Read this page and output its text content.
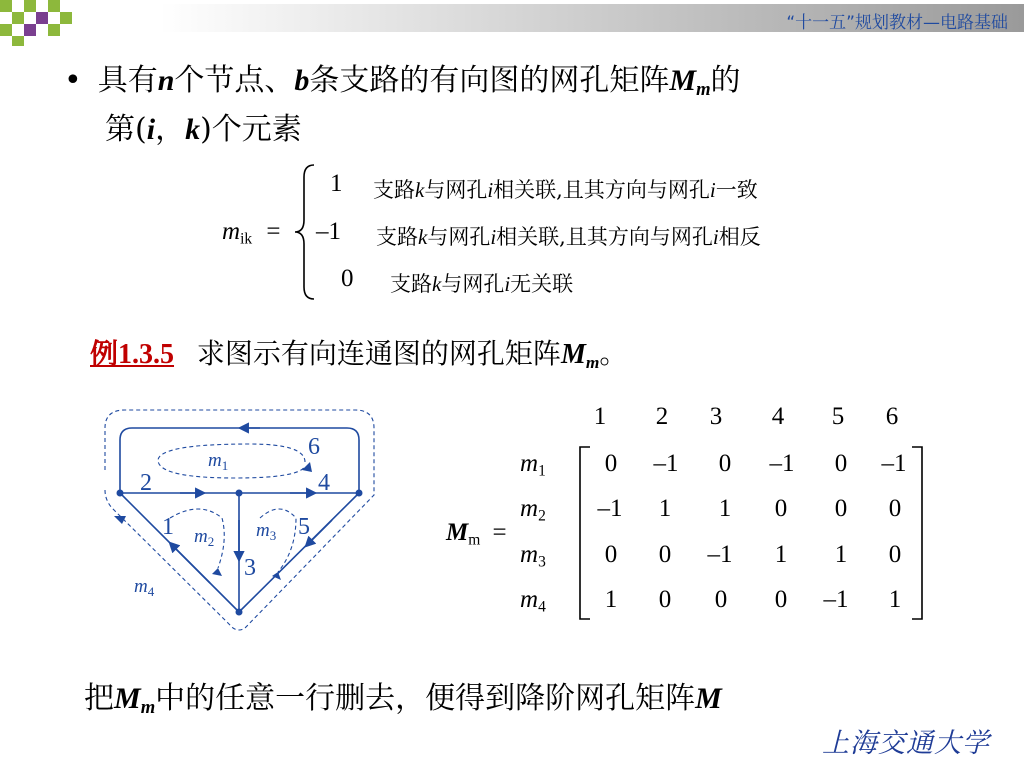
“十一五”规划教材—电路基础
• 具有n个节点、b条支路的有向图的网孔矩阵$M_m$的
第(i，k)个元素
mik =
1 支路k与网孔i相关联,且其方向与网孔i一致
–1 支路k与网孔i相关联,且其方向与网孔i相反
0 支路k与网孔i无关联
例1.3.5 求图示有向连通图的网孔矩阵$M_m$。
6
2	4
1	5
3
$m_1$
$m_2$
$m_3$
$m_4$
Mm =
1 2 3 4 5 6
m1	0	–1	0	–1	0	–1
m2 –1	1	1	0	0	0
m3	0	0	–1	1	1	0
m4	1	0	0	0	–1	1
把$M_m$中的任意一行删去，便得到降阶网孔矩阵M
上海交通大学
